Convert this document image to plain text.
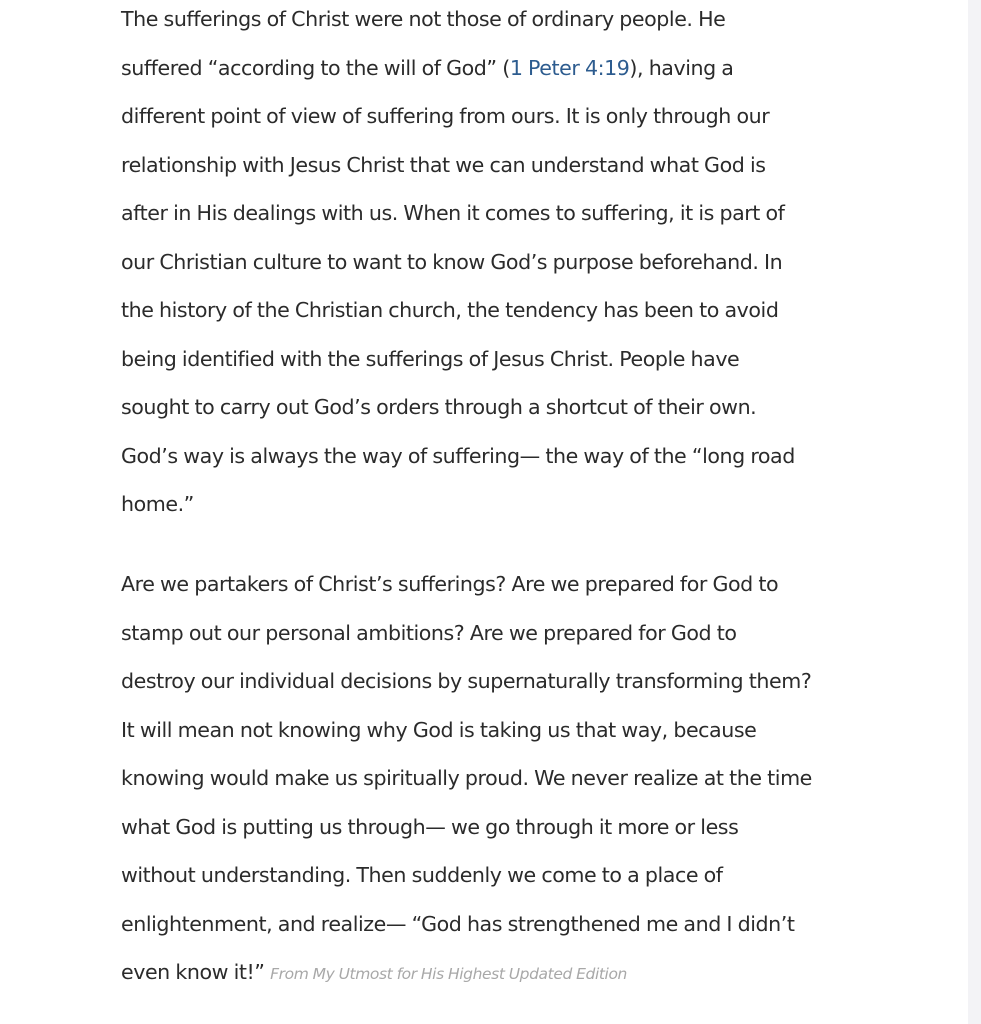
The sufferings of Christ were not those of ordinary people. He
suffered “according to the will of God” (1 Peter 4:19), having a
different point of view of suffering from ours. It is only through our
relationship with Jesus Christ that we can understand what God is
after in His dealings with us. When it comes to suffering, it is part of
our Christian culture to want to know God’s purpose beforehand. In
the history of the Christian church, the tendency has been to avoid
being identified with the sufferings of Jesus Christ. People have
sought to carry out God’s orders through a shortcut of their own.
God’s way is always the way of suffering— the way of the “long road
home.”
Are we partakers of Christ’s sufferings? Are we prepared for God to
stamp out our personal ambitions? Are we prepared for God to
destroy our individual decisions by supernaturally transforming them?
It will mean not knowing why God is taking us that way, because
knowing would make us spiritually proud. We never realize at the time
what God is putting us through— we go through it more or less
without understanding. Then suddenly we come to a place of
enlightenment, and realize— “God has strengthened me and I didn’t
even know it!” From My Utmost for His Highest Updated Edition
